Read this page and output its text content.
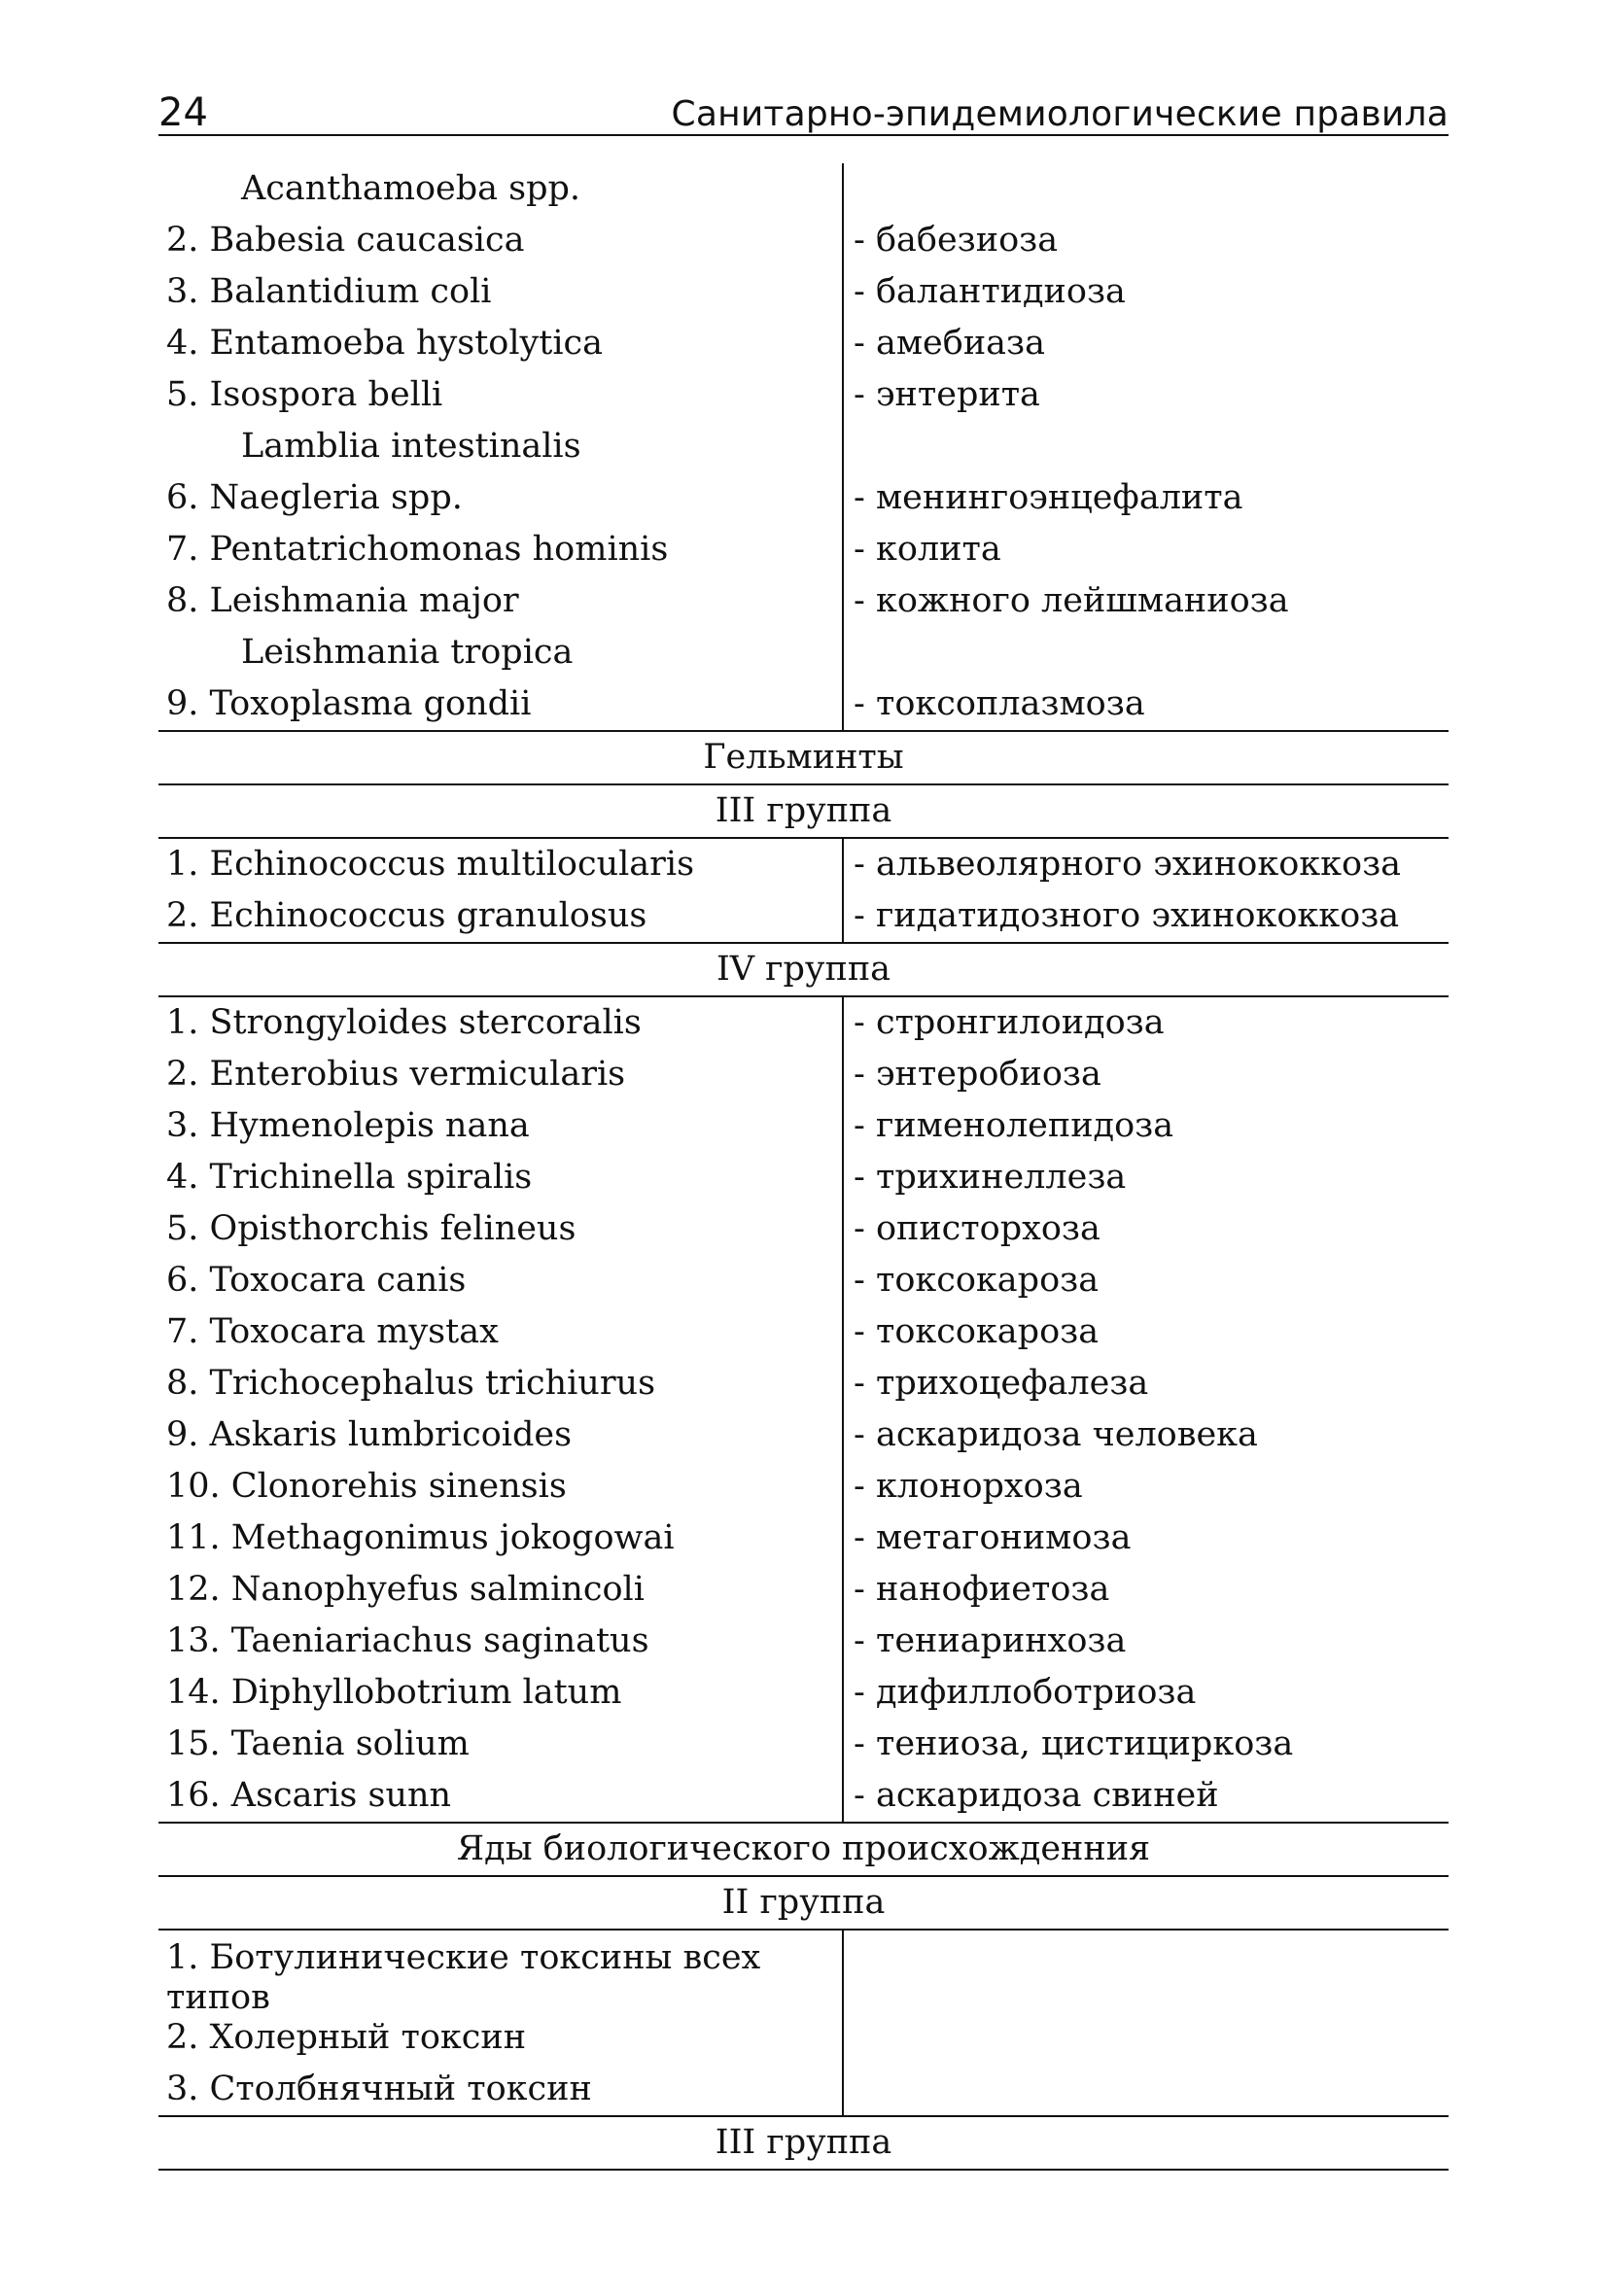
24	Санитарно-эпидемиологические правила
Acanthamoeba spp.
2. Babesia caucasica	- бабезиоза
3. Balantidium coli	- балантидиоза
4. Entamoeba hystolytica	- амебиаза
5. Isospora belli	- энтерита
Lamblia intestinalis
6. Naegleria spp.	- менингоэнцефалита
7. Pentatrichomonas hominis	- колита
8. Leishmania major	- кожного лейшманиоза
Leishmania tropica
9. Toxoplasma gondii	- токсоплазмоза
Гельминты
III группа
1. Echinococcus multilocularis	- альвеолярного эхинококкоза
2. Echinococcus granulosus	- гидатидозного эхинококкоза
IV группа
1. Strongyloides stercoralis	- стронгилоидоза
2. Enterobius vermicularis	- энтеробиоза
3. Hymenolepis nana	- гименолепидоза
4. Trichinella spiralis	- трихинеллеза
5. Opisthorchis felineus	- описторхоза
6. Toxocara canis	- токсокароза
7. Toxocara mystax	- токсокароза
8. Trichocephalus trichiurus	- трихоцефалеза
9. Askaris lumbricoides	- аскаридоза человека
10. Clonorehis sinensis	- клонорхоза
11. Methagonimus jokogowai	- метагонимоза
12. Nanophyefus salmincoli	- нанофиетоза
13. Taeniariachus saginatus	- тениаринхоза
14. Diphyllobotrium latum	- дифиллоботриоза
15. Taenia solium	- тениоза, цистициркоза
16. Ascaris sunn	- аскаридоза свиней
Яды биологического происхожденния
II группа
1. Ботулинические токсины всех типов
2. Холерный токсин
3. Столбнячный токсин
III группа
